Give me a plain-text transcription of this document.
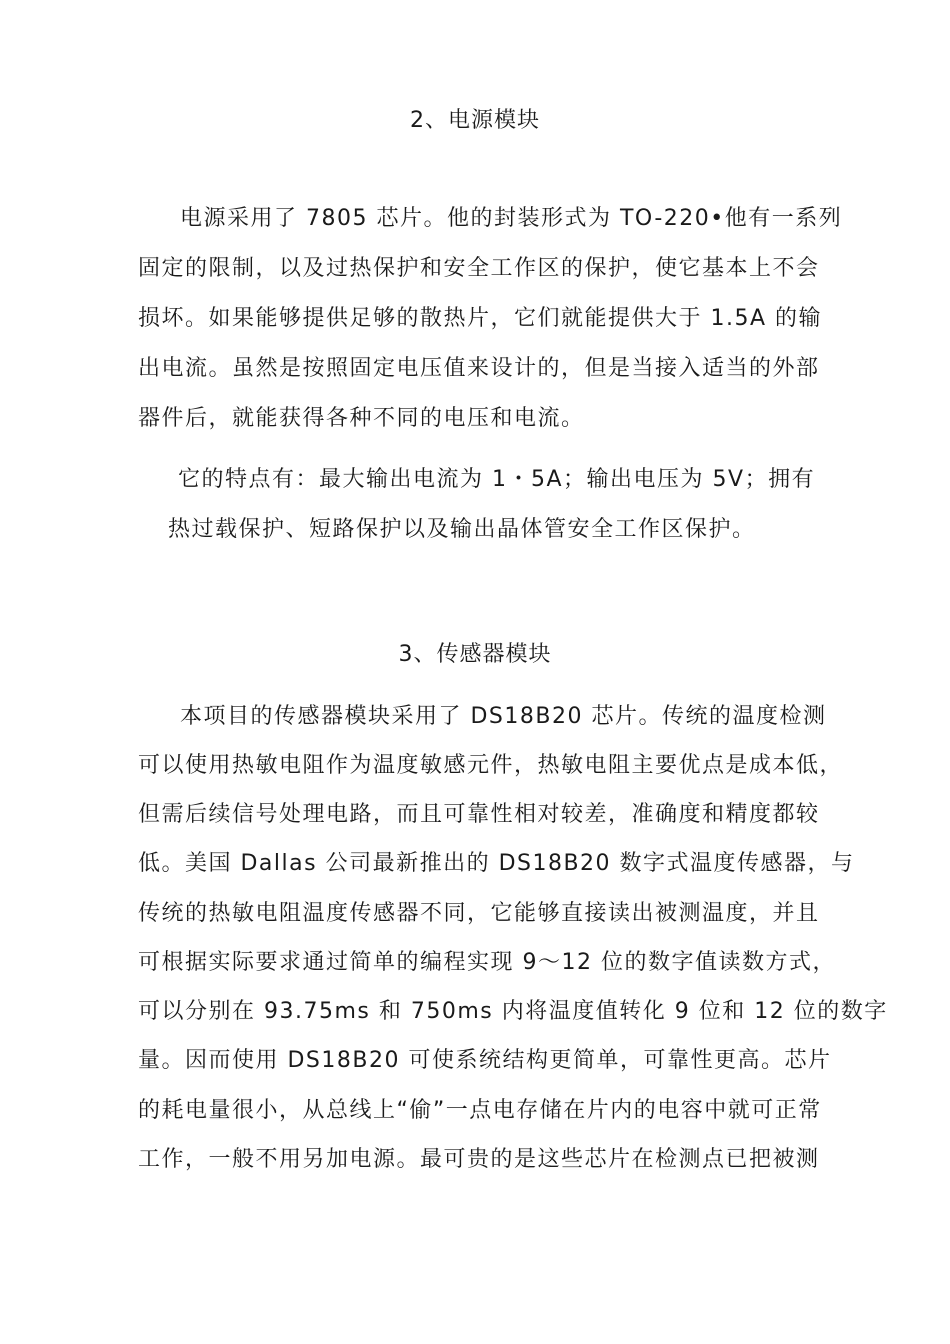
2、电源模块
电源采用了 7805 芯片。他的封装形式为 TO-220•他有一系列
固定的限制，以及过热保护和安全工作区的保护，使它基本上不会
损坏。如果能够提供足够的散热片，它们就能提供大于 1.5A 的输
出电流。虽然是按照固定电压值来设计的，但是当接入适当的外部
器件后，就能获得各种不同的电压和电流。
它的特点有：最大输出电流为 1・5A；输出电压为 5V；拥有
热过载保护、短路保护以及输出晶体管安全工作区保护。
3、传感器模块
本项目的传感器模块采用了 DS18B20 芯片。传统的温度检测
可以使用热敏电阻作为温度敏感元件，热敏电阻主要优点是成本低，
但需后续信号处理电路，而且可靠性相对较差，准确度和精度都较
低。美国 Dallas 公司最新推出的 DS18B20 数字式温度传感器，与
传统的热敏电阻温度传感器不同，它能够直接读出被测温度，并且
可根据实际要求通过简单的编程实现 9〜12 位的数字值读数方式，
可以分别在 93.75ms 和 750ms 内将温度值转化 9 位和 12 位的数字
量。因而使用 DS18B20 可使系统结构更简单，可靠性更高。芯片
的耗电量很小，从总线上“偷”一点电存储在片内的电容中就可正常
工作，一般不用另加电源。最可贵的是这些芯片在检测点已把被测
